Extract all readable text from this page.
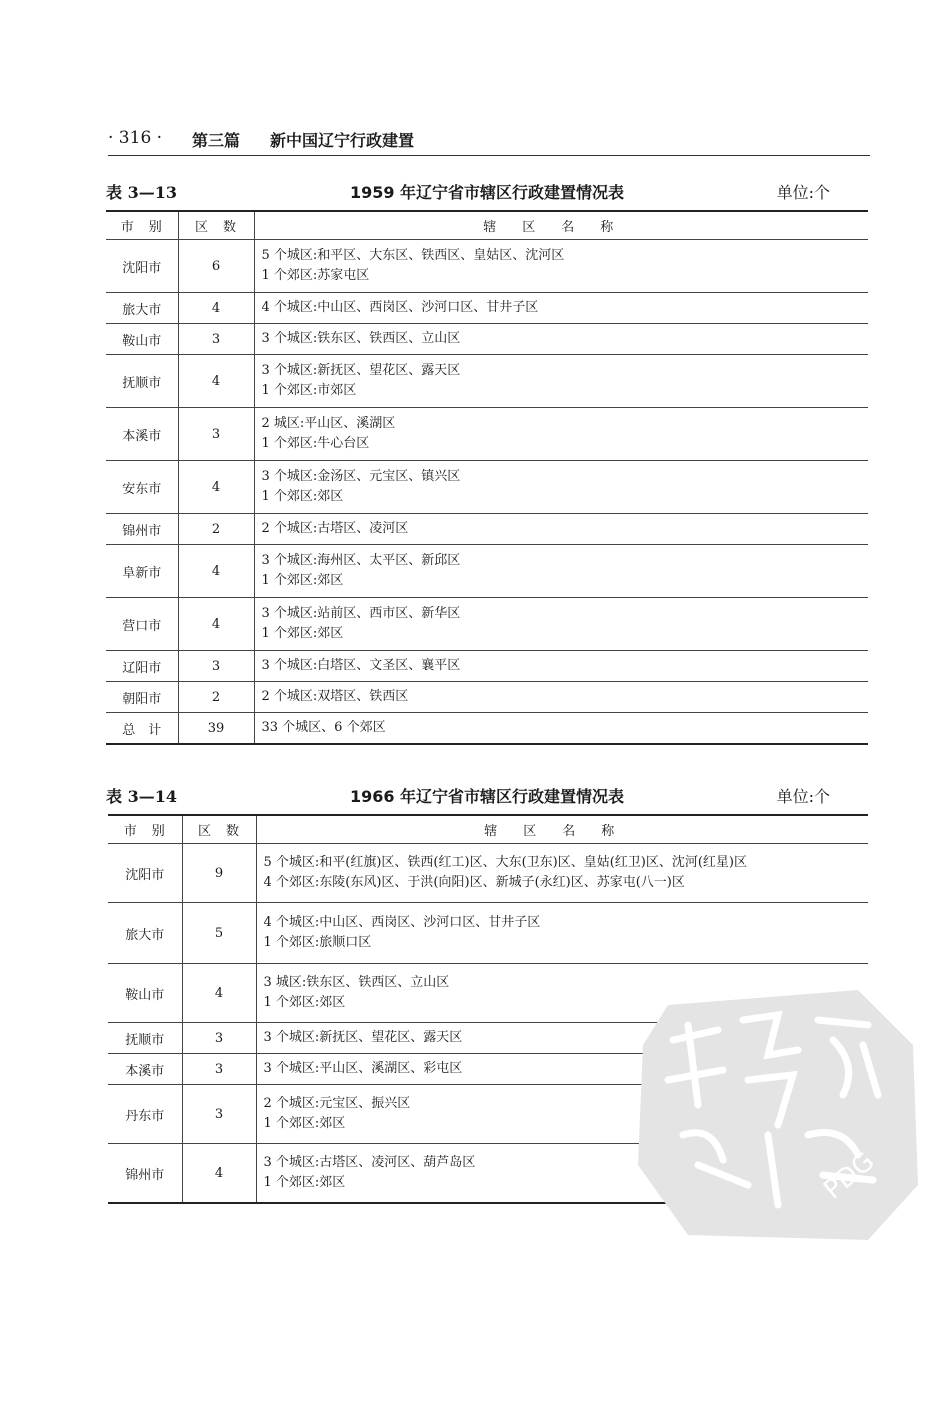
· 316 · 第三篇 新中国辽宁行政建置
表 3—13	1959 年辽宁省市辖区行政建置情况表	单位:个
市　别	区　数	辖区名称
沈阳市	6	5 个城区:和平区、大东区、铁西区、皇姑区、沈河区
1 个郊区:苏家屯区

旅大市	4	4 个城区:中山区、西岗区、沙河口区、甘井子区

鞍山市	3	3 个城区:铁东区、铁西区、立山区

抚顺市	4	3 个城区:新抚区、望花区、露天区
1 个郊区:市郊区

本溪市	3	2 城区:平山区、溪湖区
1 个郊区:牛心台区

安东市	4	3 个城区:金汤区、元宝区、镇兴区
1 个郊区:郊区

锦州市	2	2 个城区:古塔区、凌河区

阜新市	4	3 个城区:海州区、太平区、新邱区
1 个郊区:郊区

营口市	4	3 个城区:站前区、西市区、新华区
1 个郊区:郊区

辽阳市	3	3 个城区:白塔区、文圣区、襄平区

朝阳市	2	2 个城区:双塔区、铁西区

总　计	39	33 个城区、6 个郊区
表 3—14	1966 年辽宁省市辖区行政建置情况表	单位:个
市　别	区　数	辖区名称
沈阳市	9	5 个城区:和平(红旗)区、铁西(红工)区、大东(卫东)区、皇姑(红卫)区、沈河(红星)区
4 个郊区:东陵(东风)区、于洪(向阳)区、新城子(永红)区、苏家屯(八一)区

旅大市	5	4 个城区:中山区、西岗区、沙河口区、甘井子区
1 个郊区:旅顺口区

鞍山市	4	3 城区:铁东区、铁西区、立山区
1 个郊区:郊区

抚顺市	3	3 个城区:新抚区、望花区、露天区

本溪市	3	3 个城区:平山区、溪湖区、彩屯区

丹东市	3	2 个城区:元宝区、振兴区
1 个郊区:郊区

锦州市	4	3 个城区:古塔区、凌河区、葫芦岛区
1 个郊区:郊区	PDG
